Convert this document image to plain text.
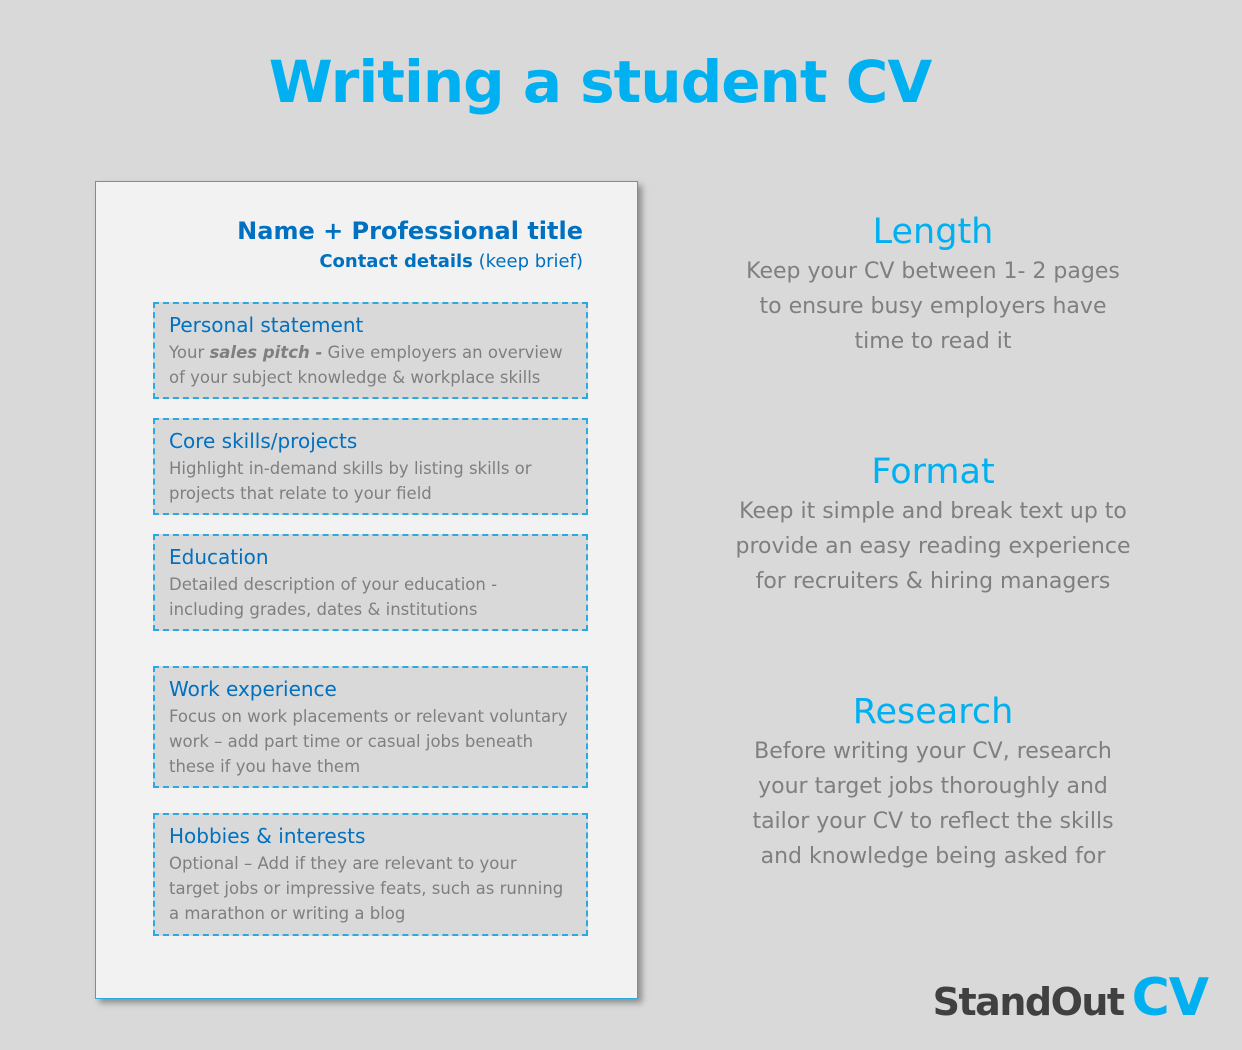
Writing a student CV
Name + Professional title
Contact details (keep brief)
Personal statement
Your sales pitch - Give employers an overview of your subject knowledge & workplace skills
Core skills/projects
Highlight in-demand skills by listing skills or projects that relate to your field
Education
Detailed description of your education - including grades, dates & institutions
Work experience
Focus on work placements or relevant voluntary work – add part time or casual jobs beneath these if you have them
Hobbies & interests
Optional – Add if they are relevant to your target jobs or impressive feats, such as running a marathon or writing a blog
Length
Keep your CV between 1- 2 pages
to ensure busy employers have
time to read it
Format
Keep it simple and break text up to
provide an easy reading experience
for recruiters & hiring managers
Research
Before writing your CV, research
your target jobs thoroughly and
tailor your CV to reflect the skills
and knowledge being asked for
StandOut CV
